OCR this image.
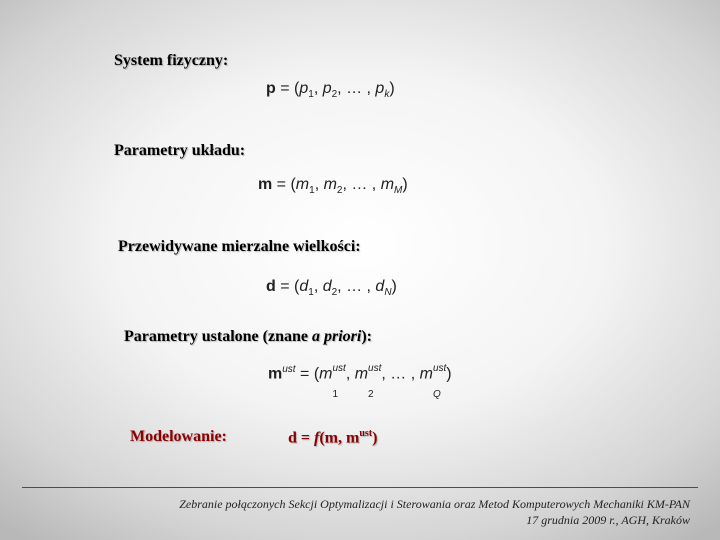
System fizyczny:
$p = (p_1$, $p_2$, … , $p_k$)
Parametry układu:
$m = (m_1$, $m_2$, … , $m_M$)
Przewidywane mierzalne wielkości:
$d = (d_1$, $d_2$, … , $d_N$)
Parametry ustalone (znane a priori):
$m^{ust} = (m^{ust}$
$_1$, $m^{ust}$
$_2$, … , $m^{ust}$
$_Q$)
Modelowanie:	d = f(m, $m^{ust}$)
Zebranie połączonych Sekcji Optymalizacji i Sterowania oraz Metod Komputerowych Mechaniki KM-PAN
17 grudnia 2009 r., AGH, Kraków
